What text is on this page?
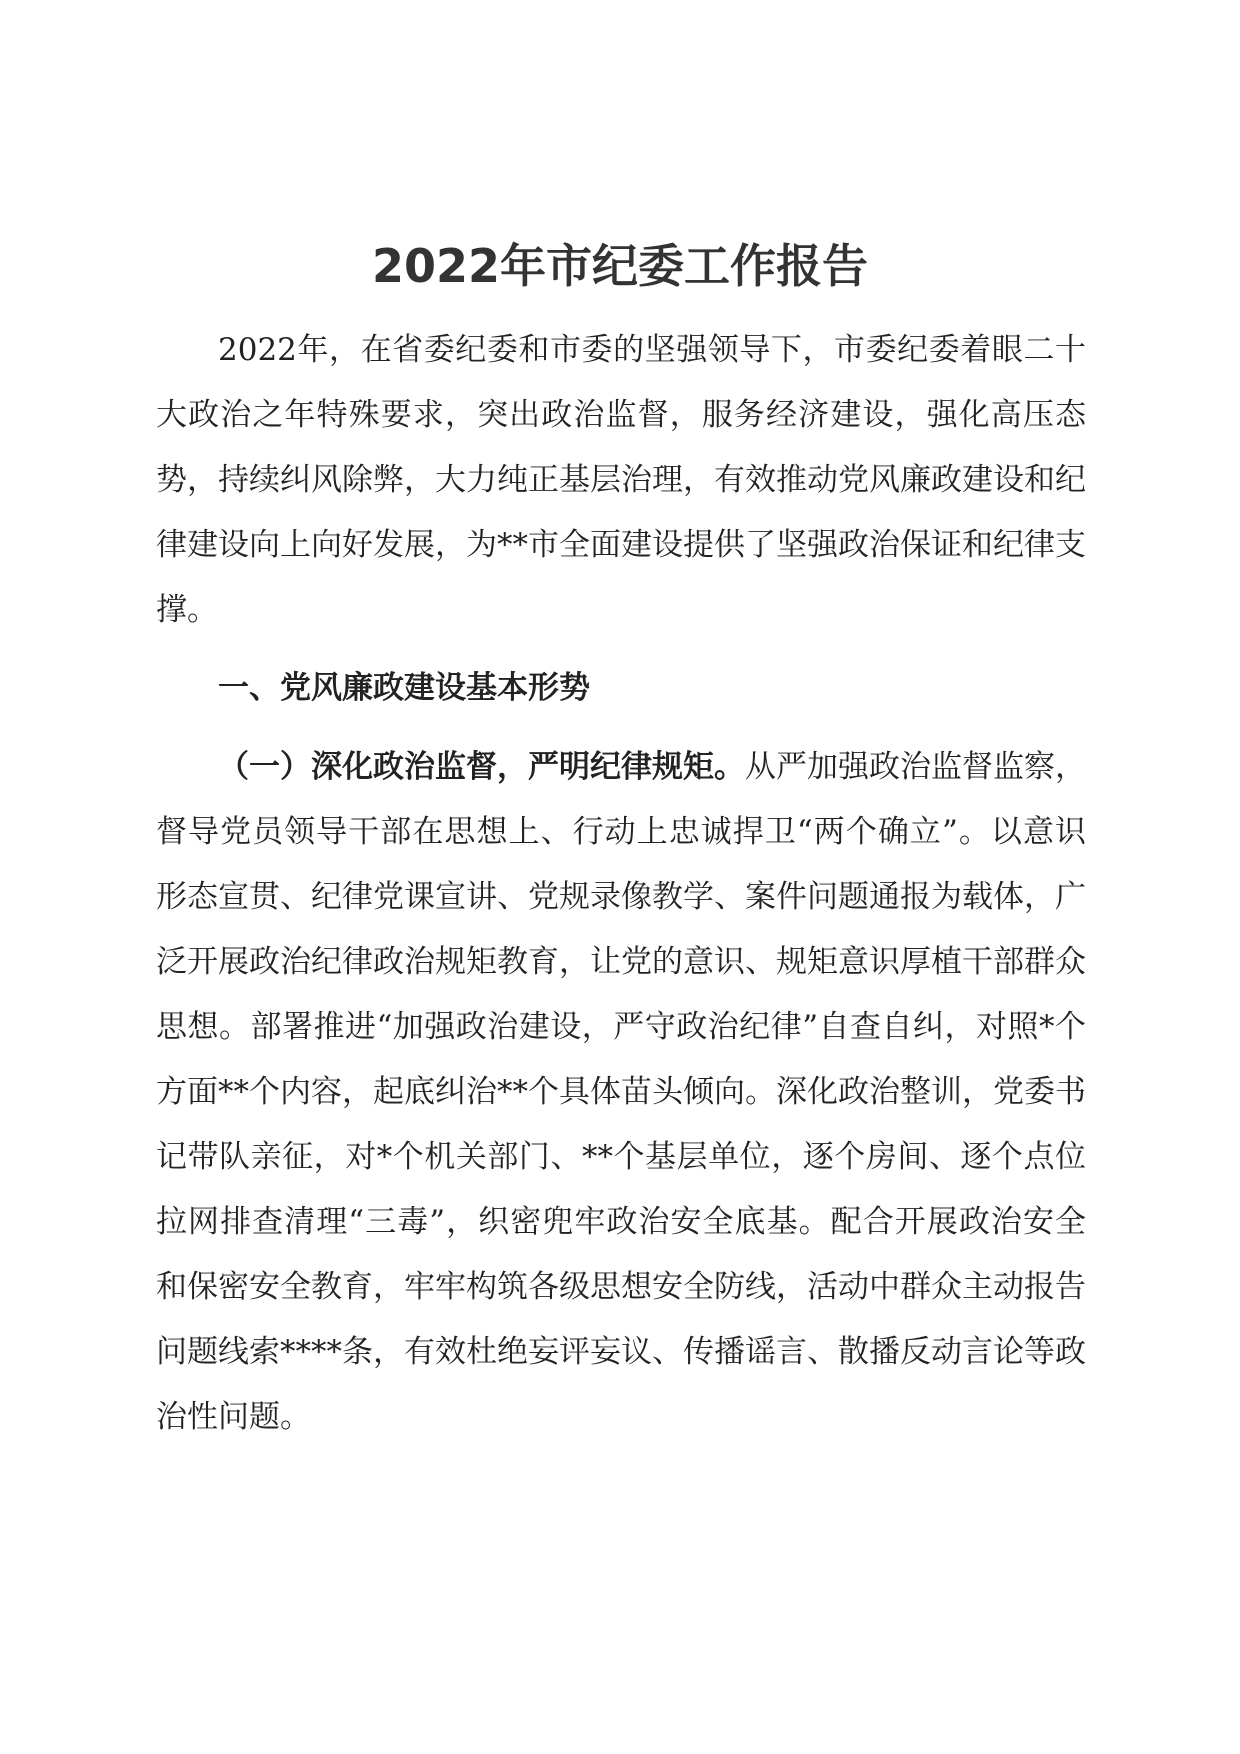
2022年市纪委工作报告

2022年，在省委纪委和市委的坚强领导下，市委纪委着眼二十大政治之年特殊要求，突出政治监督，服务经济建设，强化高压态势，持续纠风除弊，大力纯正基层治理，有效推动党风廉政建设和纪律建设向上向好发展，为**市全面建设提供了坚强政治保证和纪律支撑。

一、党风廉政建设基本形势

（一）深化政治监督，严明纪律规矩。从严加强政治监督监察，督导党员领导干部在思想上、行动上忠诚捍卫“两个确立”。以意识形态宣贯、纪律党课宣讲、党规录像教学、案件问题通报为载体，广泛开展政治纪律政治规矩教育，让党的意识、规矩意识厚植干部群众思想。部署推进“加强政治建设，严守政治纪律”自查自纠，对照*个方面**个内容，起底纠治**个具体苗头倾向。深化政治整训，党委书记带队亲征，对*个机关部门、**个基层单位，逐个房间、逐个点位拉网排查清理“三毒”，织密兜牢政治安全底基。配合开展政治安全和保密安全教育，牢牢构筑各级思想安全防线，活动中群众主动报告问题线索****条，有效杜绝妄评妄议、传播谣言、散播反动言论等政治性问题。
